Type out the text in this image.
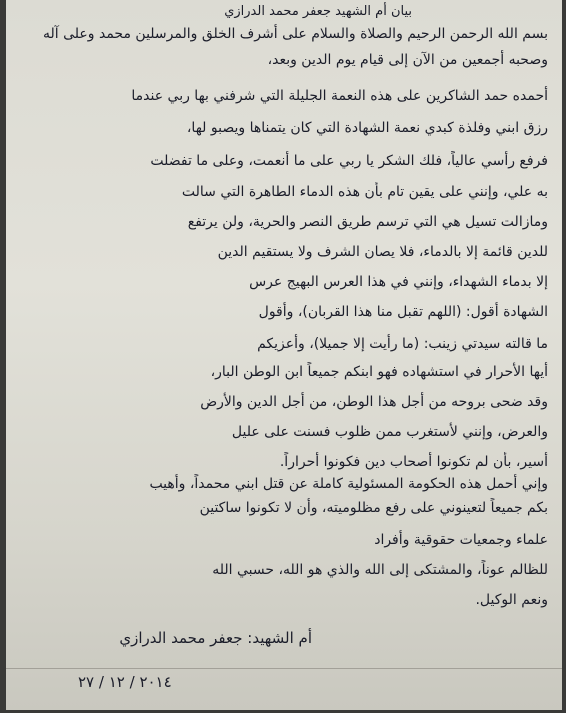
بيان أم الشهيد جعفر محمد الدرازي
بسم الله الرحمن الرحيم والصلاة والسلام على أشرف الخلق والمرسلين محمد وعلى آله
وصحبه أجمعين من الآن إلى قيام يوم الدين وبعد،
أحمده حمد الشاكرين على هذه النعمة الجليلة التي شرفني بها ربي عندما
رزق ابني وفلذة كبدي نعمة الشهادة التي كان يتمناها ويصبو لها،
فرفع رأسي عالياً، فلك الشكر يا ربي على ما أنعمت، وعلى ما تفضلت
به علي، وإنني على يقين تام بأن هذه الدماء الطاهرة التي سالت
ومازالت تسيل هي التي ترسم طريق النصر والحرية، ولن يرتفع
للدين قائمة إلا بالدماء، فلا يصان الشرف ولا يستقيم الدين
إلا بدماء الشهداء، وإنني في هذا العرس البهيج عرس
الشهادة أقول: (اللهم تقبل منا هذا القربان)، وأقول
ما قالته سيدتي زينب: (ما رأيت إلا جميلا)، وأعزيكم
أيها الأحرار في استشهاده فهو ابنكم جميعاً ابن الوطن البار،
وقد ضحى بروحه من أجل هذا الوطن، من أجل الدين والأرض
والعرض، وإنني لأستغرب ممن ظلوب فسنت على عليل
أسير، بأن لم تكونوا أصحاب دين فكونوا أحراراً.
وإني أحمل هذه الحكومة المسئولية كاملة عن قتل ابني محمداً، وأهيب
بكم جميعاً لتعينوني على رفع مظلوميته، وأن لا تكونوا ساكتين
علماء وجمعيات حقوقية وأفراد
للظالم عوناً، والمشتكى إلى الله والذي هو الله، حسبي الله
ونعم الوكيل.
أم الشهيد: جعفر محمد الدرازي
٢٠١٤ / ١٢ / ٢٧
